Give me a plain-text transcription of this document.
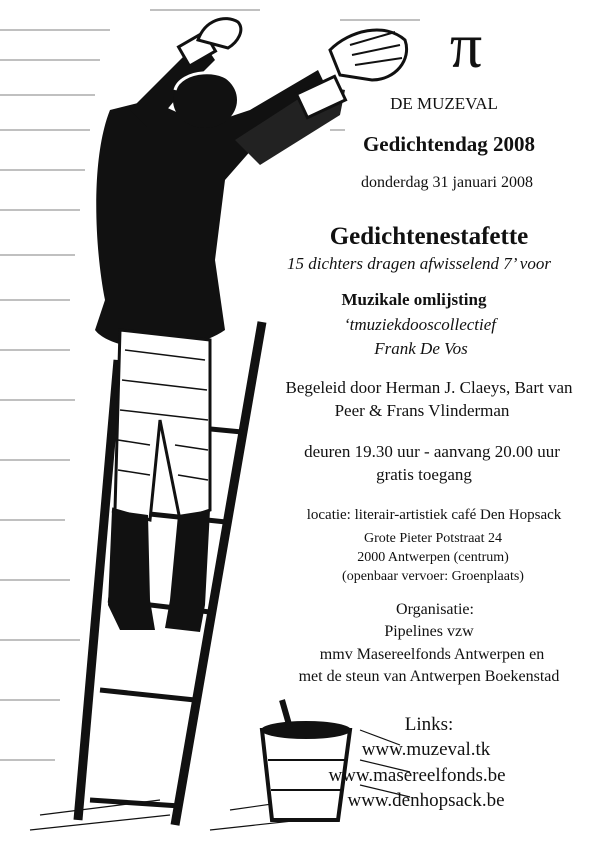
π
DE MUZEVAL
Gedichtendag 2008
donderdag 31 januari 2008
Gedichtenestafette
15 dichters dragen afwisselend 7’ voor
Muzikale omlijsting
‘tmuziekdooscollectief
Frank De Vos
Begeleid door Herman J. Claeys, Bart van
Peer & Frans Vlinderman
deuren 19.30 uur - aanvang 20.00 uur
gratis toegang
locatie: literair-artistiek café Den Hopsack
Grote Pieter Potstraat 24
2000 Antwerpen (centrum)
(openbaar vervoer: Groenplaats)
Organisatie:
Pipelines vzw
mmv Masereelfonds Antwerpen en
met de steun van Antwerpen Boekenstad
Links:
www.muzeval.tk
www.masereelfonds.be
www.denhopsack.be
